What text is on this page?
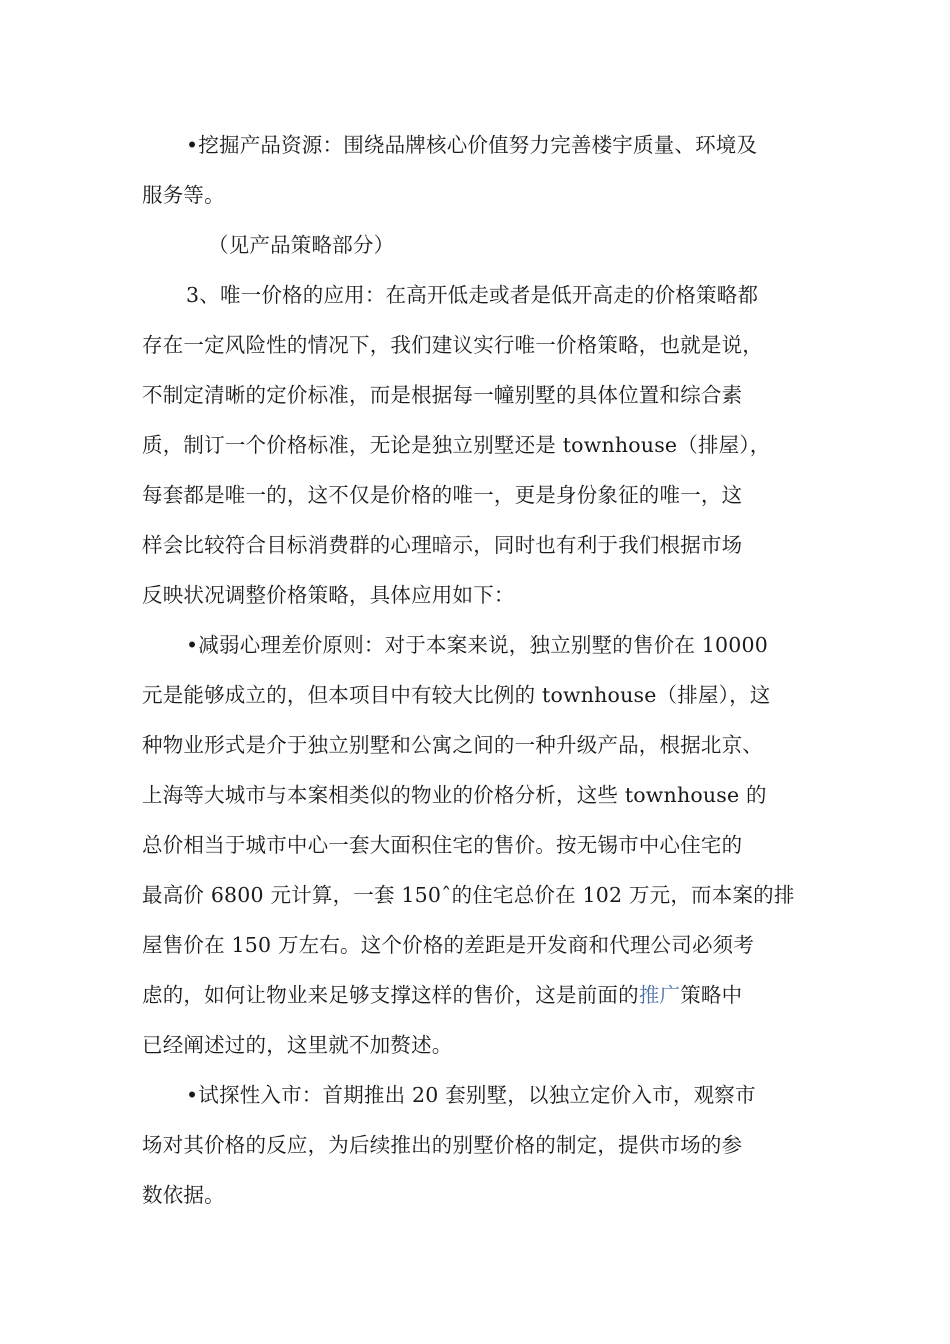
•挖掘产品资源：围绕品牌核心价值努力完善楼宇质量、环境及
服务等。

（见产品策略部分）

3、唯一价格的应用：在高开低走或者是低开高走的价格策略都
存在一定风险性的情况下，我们建议实行唯一价格策略，也就是说，
不制定清晰的定价标准，而是根据每一幢别墅的具体位置和综合素
质，制订一个价格标准，无论是独立别墅还是 townhouse（排屋），
每套都是唯一的，这不仅是价格的唯一，更是身份象征的唯一，这
样会比较符合目标消费群的心理暗示，同时也有利于我们根据市场
反映状况调整价格策略，具体应用如下：

•减弱心理差价原则：对于本案来说，独立别墅的售价在 10000
元是能够成立的，但本项目中有较大比例的 townhouse（排屋），这
种物业形式是介于独立别墅和公寓之间的一种升级产品，根据北京、
上海等大城市与本案相类似的物业的价格分析，这些 townhouse 的
总价相当于城市中心一套大面积住宅的售价。按无锡市中心住宅的
最高价 6800 元计算，一套 150ˆ的住宅总价在 102 万元，而本案的排
屋售价在 150 万左右。这个价格的差距是开发商和代理公司必须考
虑的，如何让物业来足够支撑这样的售价，这是前面的推广策略中
已经阐述过的，这里就不加赘述。

•试探性入市：首期推出 20 套别墅，以独立定价入市，观察市
场对其价格的反应，为后续推出的别墅价格的制定，提供市场的参
数依据。
